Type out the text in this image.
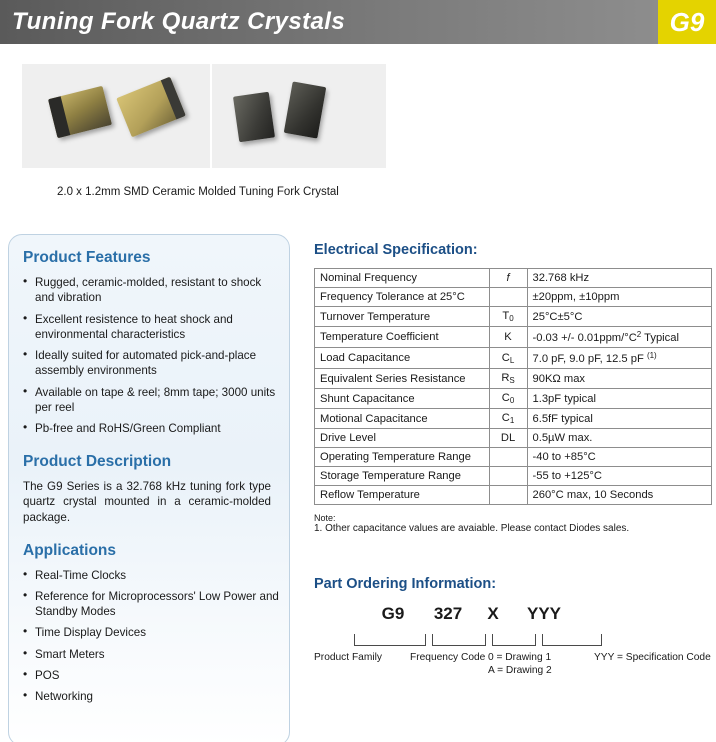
Tuning Fork Quartz Crystals	G9
2.0 x 1.2mm SMD Ceramic Molded Tuning Fork Crystal
Product Features
• Rugged, ceramic-molded, resistant to shock and vibration
• Excellent resistence to heat shock and environmental characteristics
• Ideally suited for automated pick-and-place assembly environments
• Available on tape & reel; 8mm tape; 3000 units per reel
• Pb-free and RoHS/Green Compliant
Product Description

The G9 Series is a 32.768 kHz tuning fork type quartz crystal mounted in a ceramic-molded package.

Applications
• Real-Time Clocks
• Reference for Microprocessors' Low Power and Standby Modes
• Time Display Devices
• Smart Meters
• POS
• Networking
Electrical Specification:
Nominal Frequency	f	32.768 kHz
Frequency Tolerance at 25°C		±20ppm, ±10ppm
Turnover Temperature	$T_0$	25°C±5°C
Temperature Coefficient	K	-0.03 +/- $0.01ppm/^\circ C^2$ Typical
Load Capacitance	$C_L$	7.0 pF, 9.0 pF, 12.5 pF $^{(1)}$
Equivalent Series Resistance	$R_S$	90KΩ max
Shunt Capacitance	$C_0$	1.3pF typical
Motional Capacitance	$C_1$	6.5fF typical
Drive Level	DL	0.5µW max.
Operating Temperature Range		-40 to +85°C
Storage Temperature Range		-55 to +125°C
Reflow Temperature		260°C max, 10 Seconds
Note:
1. Other capacitance values are avaiable. Please contact Diodes sales.
Part Ordering Information:
G9	327	X	YYY
Product Family	Frequency Code 0 = Drawing 1
A = Drawing 2
YYY = Specification Code
